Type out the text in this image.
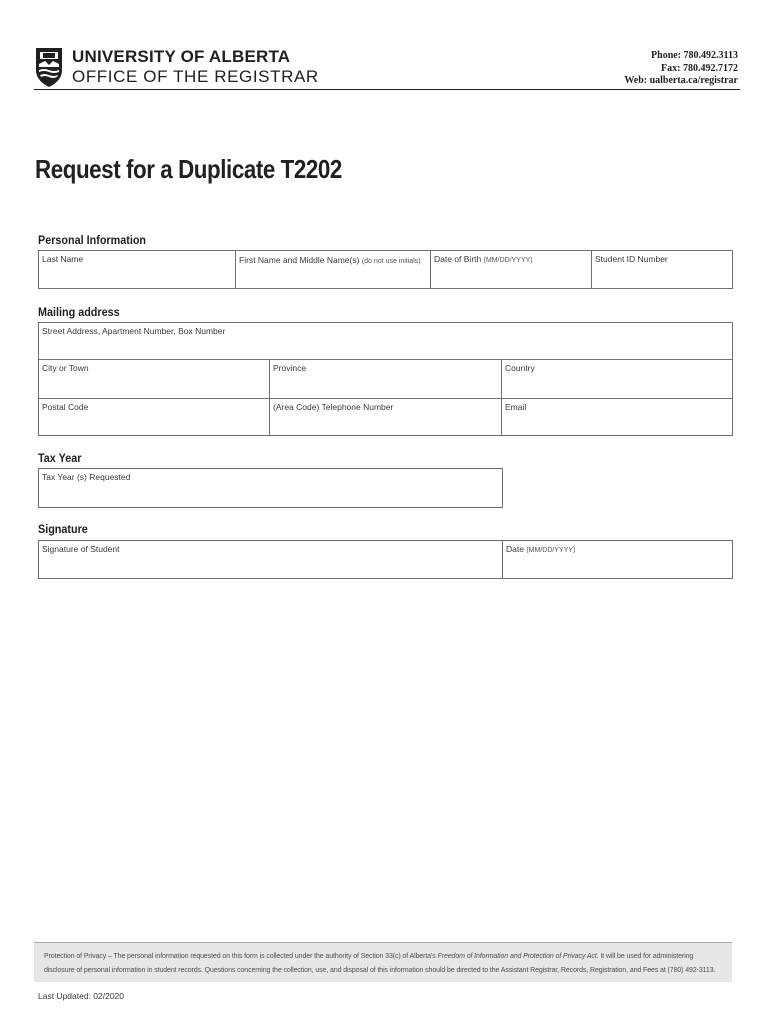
UNIVERSITY OF ALBERTA
OFFICE OF THE REGISTRAR
Phone: 780.492.3113
Fax: 780.492.7172
Web: ualberta.ca/registrar
Request for a Duplicate T2202
Personal Information
Last Name	First Name and Middle Name(s) (do not use initials)	Date of Birth (MM/DD/YYYY)	Student ID Number
Mailing address
Street Address, Apartment Number, Box Number
City or Town	Province	Country
Postal Code	(Area Code) Telephone Number	Email
Tax Year
Tax Year (s) Requested
Signature
Signature of Student	Date (MM/DD/YYYY)
Protection of Privacy – The personal information requested on this form is collected under the authority of Section 33(c) of Alberta's Freedom of Information and Protection of Privacy Act. It will be used for administering disclosure of personal information in student records. Questions concerning the collection, use, and disposal of this information should be directed to the Assistant Registrar, Records, Registration, and Fees at (780) 492-3113.
Last Updated: 02/2020
